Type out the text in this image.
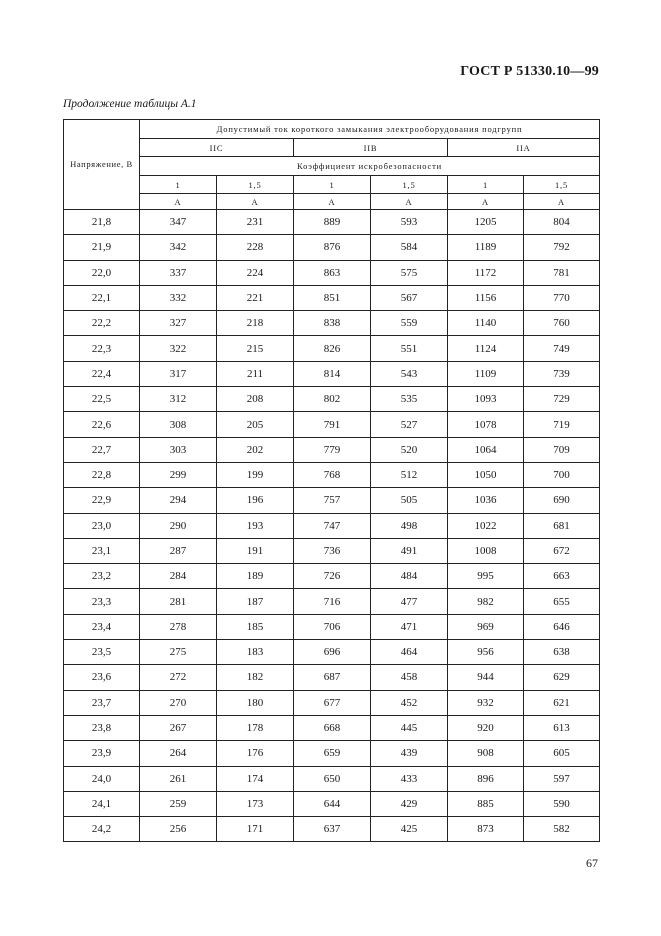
ГОСТ Р 51330.10—99
Продолжение таблицы А.1
Напряжение, В	Допустимый ток короткого замыкания электрооборудования подгрупп					
	IIC		IIB		IIA	
	Коэффициент искробезопасности					
	1	1,5	1	1,5	1	1,5
	А	А	А	А	А	А
21,8	347	231	889	593	1205	804
21,9	342	228	876	584	1189	792
22,0	337	224	863	575	1172	781
22,1	332	221	851	567	1156	770
22,2	327	218	838	559	1140	760
22,3	322	215	826	551	1124	749
22,4	317	211	814	543	1109	739
22,5	312	208	802	535	1093	729
22,6	308	205	791	527	1078	719
22,7	303	202	779	520	1064	709
22,8	299	199	768	512	1050	700
22,9	294	196	757	505	1036	690
23,0	290	193	747	498	1022	681
23,1	287	191	736	491	1008	672
23,2	284	189	726	484	995	663
23,3	281	187	716	477	982	655
23,4	278	185	706	471	969	646
23,5	275	183	696	464	956	638
23,6	272	182	687	458	944	629
23,7	270	180	677	452	932	621
23,8	267	178	668	445	920	613
23,9	264	176	659	439	908	605
24,0	261	174	650	433	896	597
24,1	259	173	644	429	885	590
24,2	256	171	637	425	873	582
67
